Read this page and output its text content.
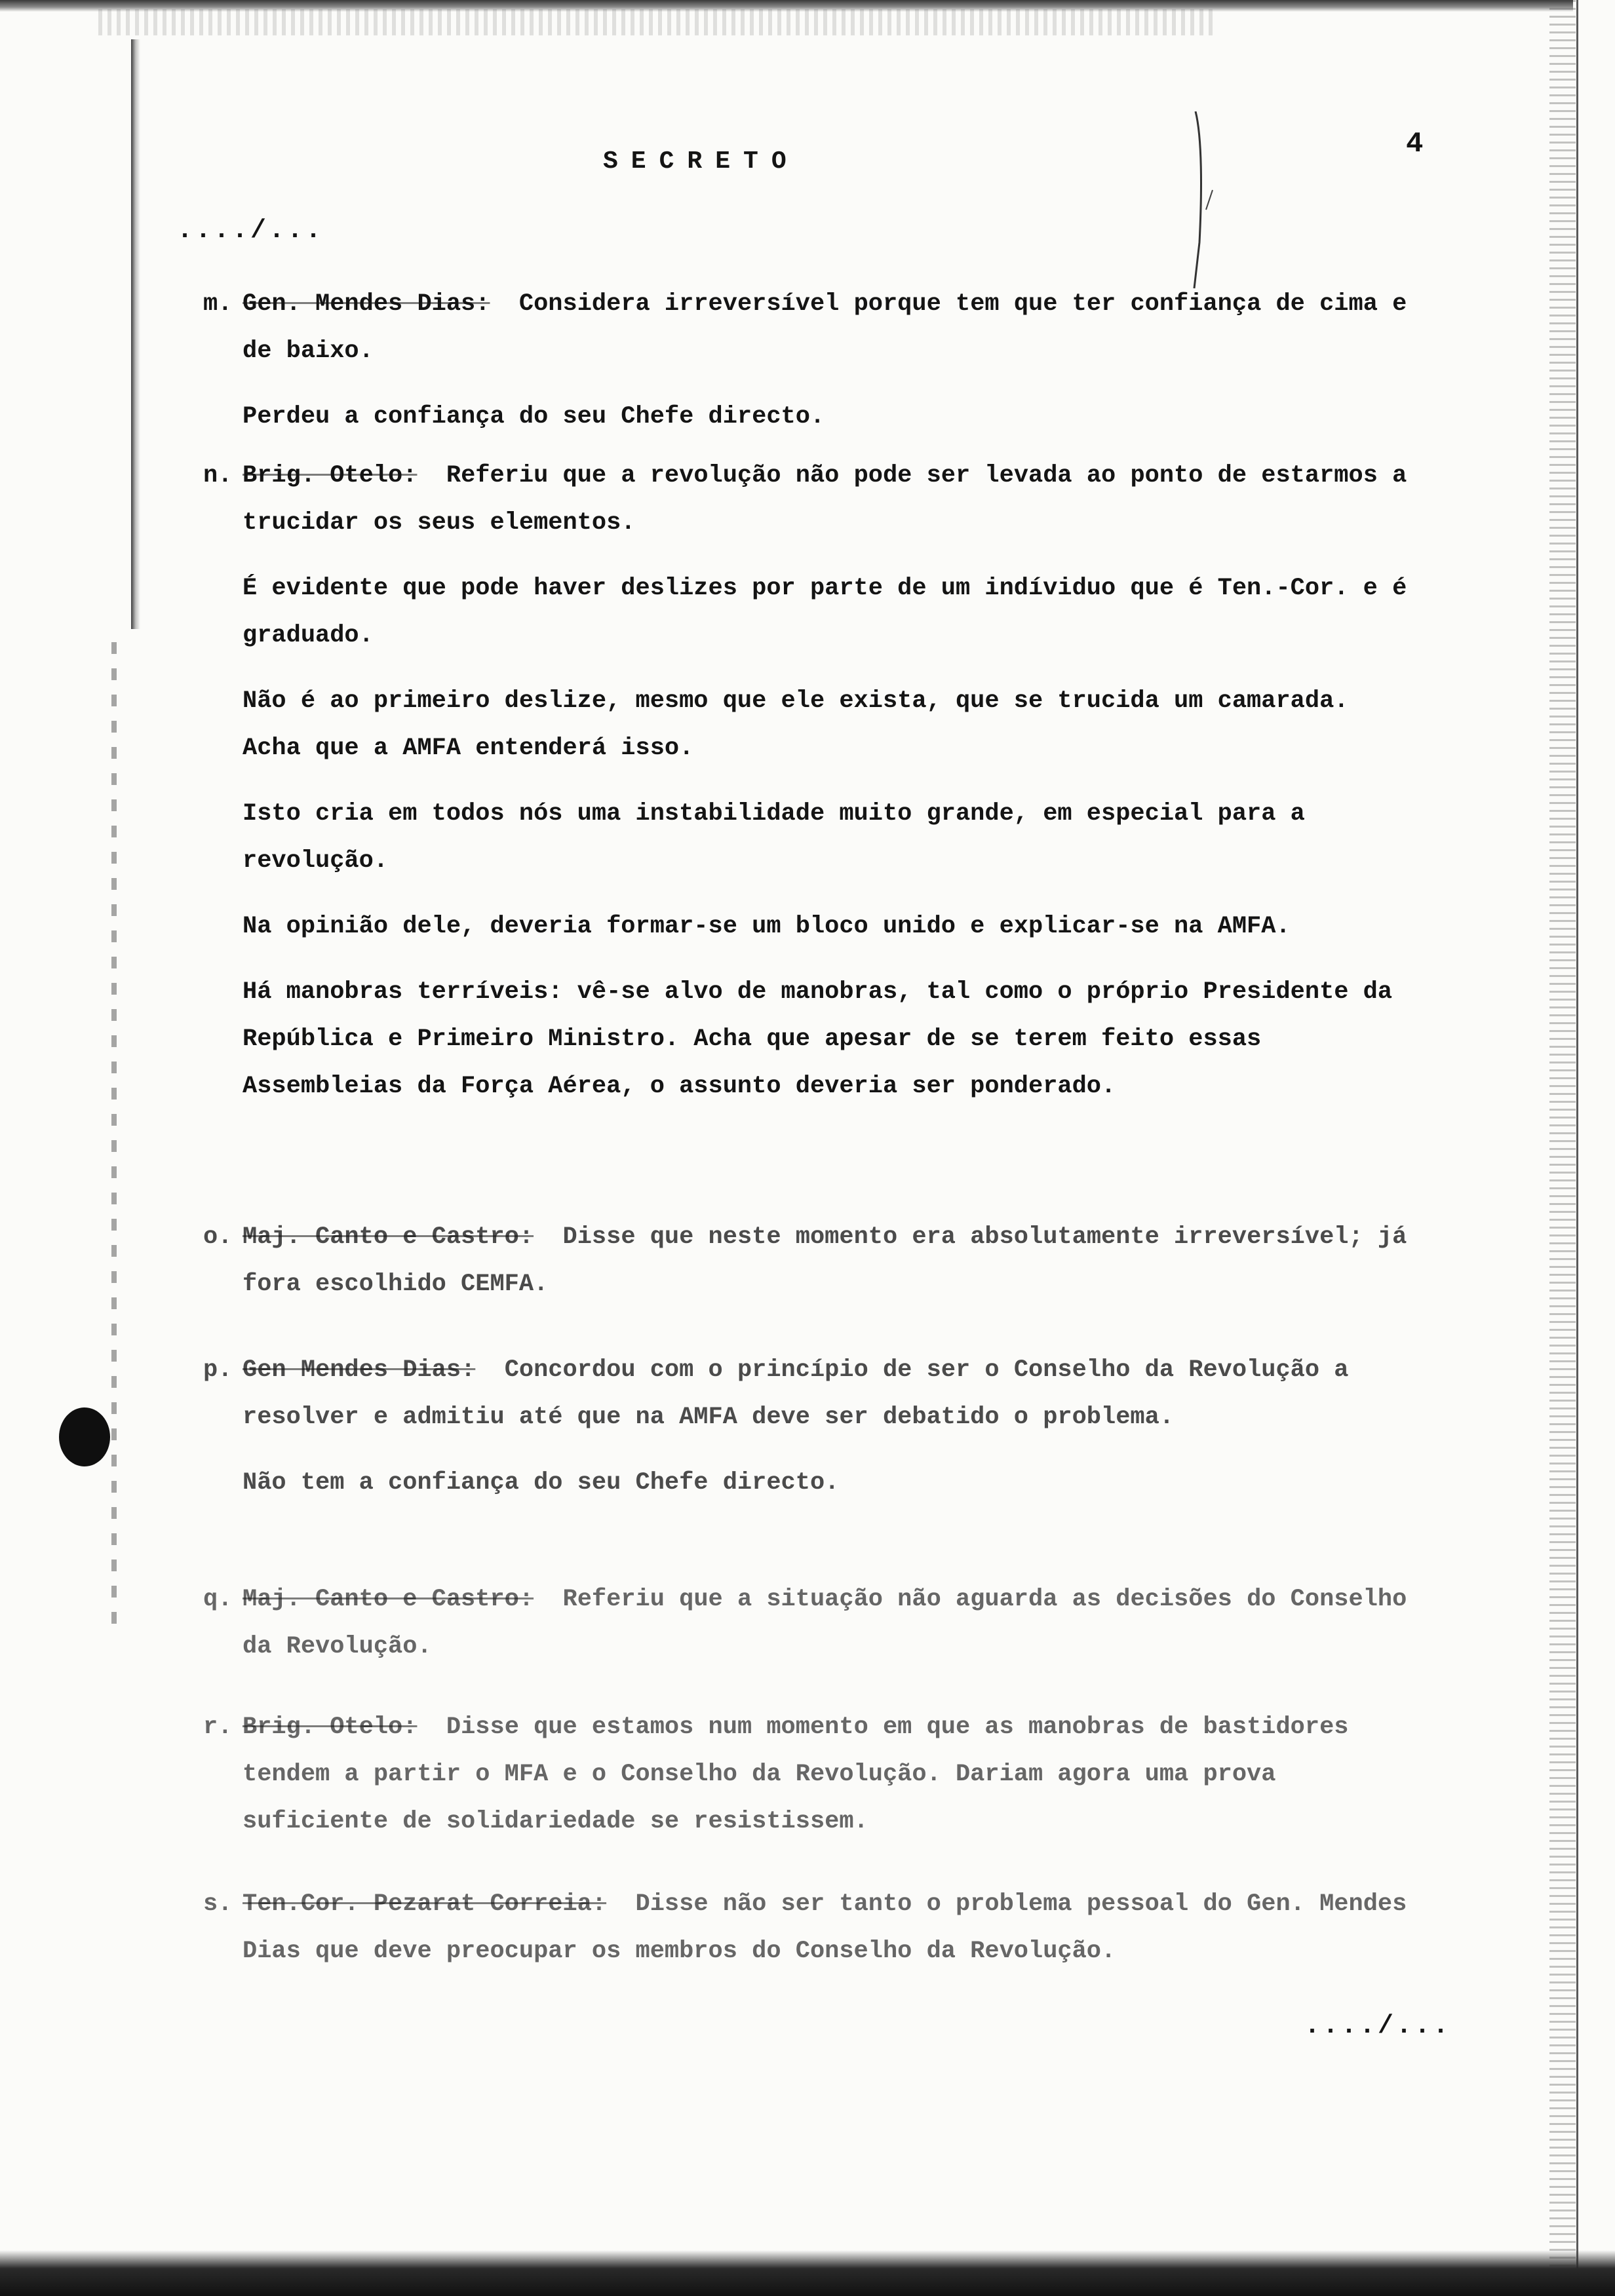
SECRETO
4
..../...
m. Gen. Mendes Dias: Considera irreversível porque tem que ter confiança de cima e de baixo.

Perdeu a confiança do seu Chefe directo.

n. Brig. Otelo: Referiu que a revolução não pode ser levada ao ponto de estarmos a trucidar os seus elementos.

É evidente que pode haver deslizes por parte de um indíviduo que é Ten.-Cor. e é graduado.

Não é ao primeiro deslize, mesmo que ele exista, que se trucida um camarada. Acha que a AMFA entenderá isso.

Isto cria em todos nós uma instabilidade muito grande, em especial para a revolução.

Na opinião dele, deveria formar-se um bloco unido e explicar-se na AMFA.

Há manobras terríveis: vê-se alvo de manobras, tal como o próprio Presidente da República e Primeiro Ministro. Acha que apesar de se terem feito essas Assembleias da Força Aérea, o assunto deveria ser ponderado.

o. Maj. Canto e Castro: Disse que neste momento era absolutamente irreversível; já fora escolhido CEMFA.

p. Gen Mendes Dias: Concordou com o princípio de ser o Conselho da Revolução a resolver e admitiu até que na AMFA deve ser debatido o problema.

Não tem a confiança do seu Chefe directo.

q. Maj. Canto e Castro: Referiu que a situação não aguarda as decisões do Conselho da Revolução.

r. Brig. Otelo: Disse que estamos num momento em que as manobras de bastidores tendem a partir o MFA e o Conselho da Revolução. Dariam agora uma prova suficiente de solidariedade se resistissem.

s. Ten.Cor. Pezarat Correia: Disse não ser tanto o problema pessoal do Gen. Mendes Dias que deve preocupar os membros do Conselho da Revolução.

..../...
